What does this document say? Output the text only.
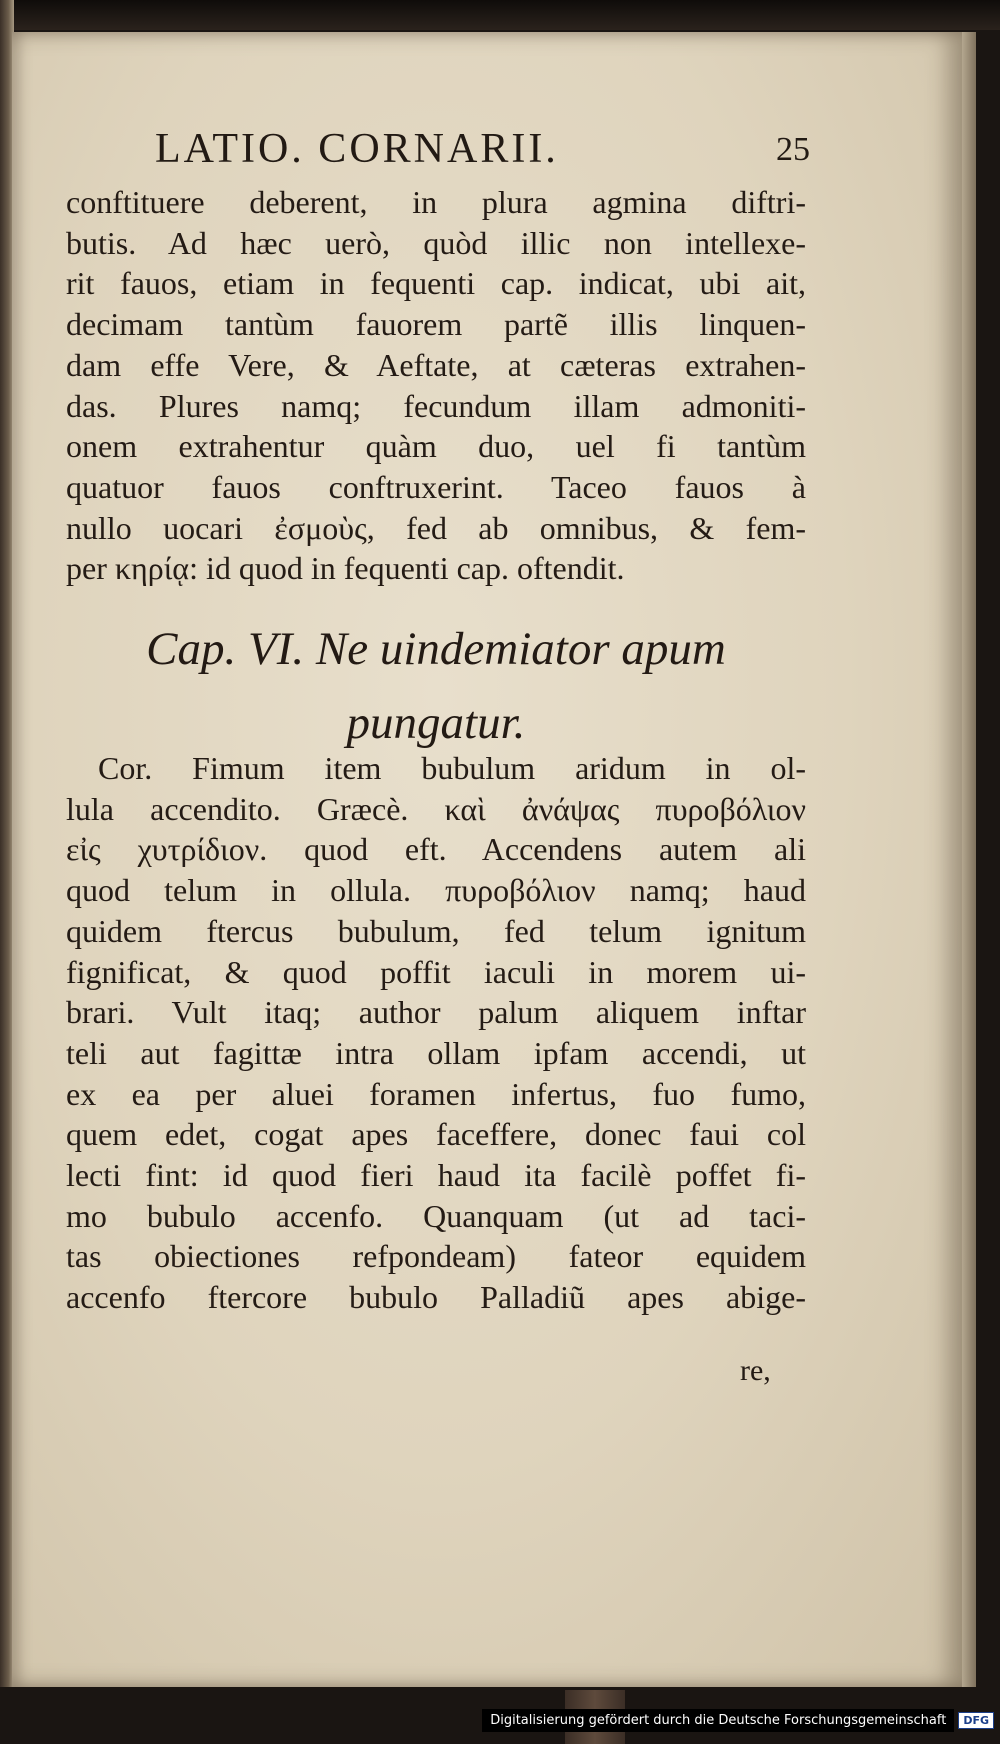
LATIO. CORNARII.	25
conftituere deberent, in plura agmina diftri-
butis. Ad hæc uerò, quòd illic non intellexe-
rit fauos, etiam in fequenti cap. indicat, ubi ait,
decimam tantùm fauorem partẽ illis linquen-
dam effe Vere, & Aeftate, at cæteras extrahen-
das. Plures namq; fecundum illam admoniti-
onem extrahentur quàm duo, uel fi tantùm
quatuor fauos conftruxerint. Taceo fauos à
nullo uocari ἐσμοὺς, fed ab omnibus, & fem-
per κηρίᾳ: id quod in fequenti cap. oftendit.
Cap. VI. Ne uindemiator apum
pungatur.
Cor. Fimum item bubulum aridum in ol-
lula accendito. Græcè. καὶ ἀνάψας πυροβόλιον
εἰς χυτρίδιον. quod eft. Accendens autem ali
quod telum in ollula. πυροβόλιον namq; haud
quidem ftercus bubulum, fed telum ignitum
fignificat, & quod poffit iaculi in morem ui-
brari. Vult itaq; author palum aliquem inftar
teli aut fagittæ intra ollam ipfam accendi, ut
ex ea per aluei foramen infertus, fuo fumo,
quem edet, cogat apes faceffere, donec faui col
lecti fint: id quod fieri haud ita facilè poffet fi-
mo bubulo accenfo. Quanquam (ut ad taci-
tas obiectiones refpondeam) fateor equidem
accenfo ftercore bubulo Palladiũ apes abige-
re,
Digitalisierung gefördert durch die Deutsche Forschungsgemeinschaft DFG
